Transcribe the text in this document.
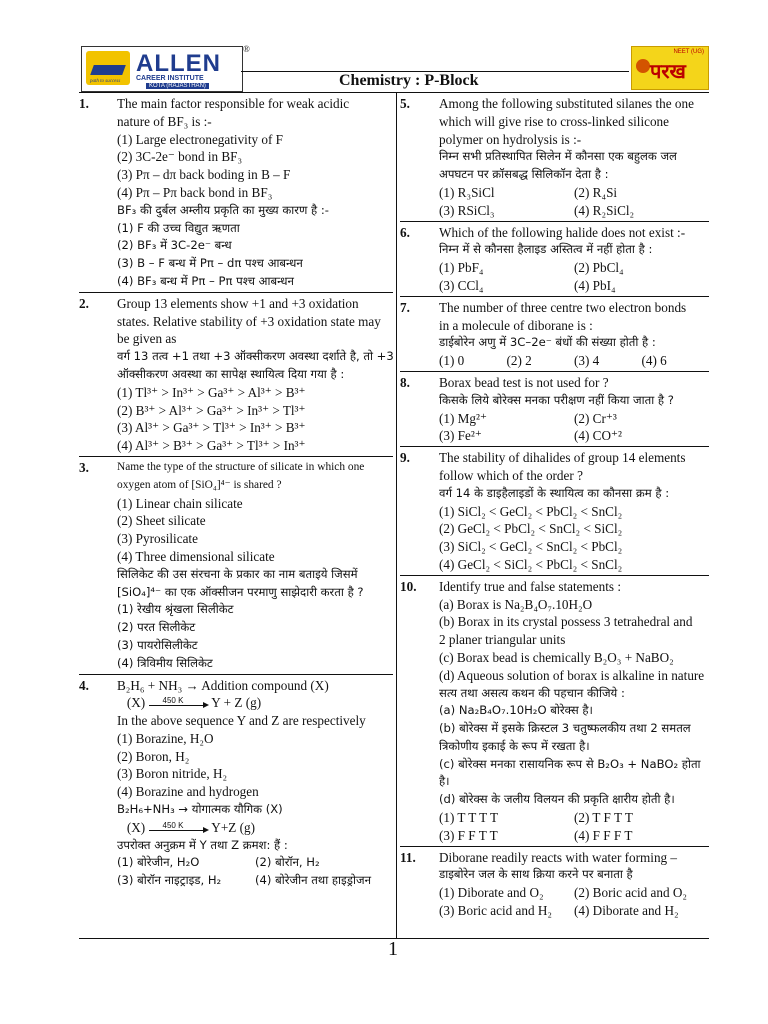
path to success
ALLEN
CAREER INSTITUTE
KOTA (RAJASTHAN)
®
Chemistry : P-Block
NEET (UG)
परख
1. The main factor responsible for weak acidic
nature of BF₃ is :-
(1) Large electronegativity of F
(2) 3C-2e⁻ bond in BF₃
(3) Pπ – dπ back boding in B – F
(4) Pπ – Pπ back bond in BF₃
BF₃ की दुर्बल अम्लीय प्रकृति का मुख्य कारण है :-
(1) F की उच्च विद्युत ऋणता
(2) BF₃ में 3C-2e⁻ बन्ध
(3) B – F बन्ध में Pπ – dπ पश्च आबन्धन
(4) BF₃ बन्ध में Pπ – Pπ पश्च आबन्धन
2. Group 13 elements show +1 and +3 oxidation
states. Relative stability of +3 oxidation state may
be given as
वर्ग 13 तत्व +1 तथा +3 ऑक्सीकरण अवस्था दर्शाते है, तो +3
ऑक्सीकरण अवस्था का सापेक्ष स्थायित्व दिया गया है :
(1) Tl³⁺ > In³⁺ > Ga³⁺ > Al³⁺ > B³⁺
(2) B³⁺ > Al³⁺ > Ga³⁺ > In³⁺ > Tl³⁺
(3) Al³⁺ > Ga³⁺ > Tl³⁺ > In³⁺ > B³⁺
(4) Al³⁺ > B³⁺ > Ga³⁺ > Tl³⁺ > In³⁺
3. Name the type of the structure of silicate in which one
oxygen atom of [SiO₄]⁴⁻ is shared ?
(1) Linear chain silicate
(2) Sheet silicate
(3) Pyrosilicate
(4) Three dimensional silicate
सिलिकेट की उस संरचना के प्रकार का नाम बताइये जिसमें
[SiO₄]⁴⁻ का एक ऑक्सीजन परमाणु साझेदारी करता है ?
(1) रेखीय श्रृंखला सिलीकेट
(2) परत सिलीकेट
(3) पायरोसिलीकेट
(4) त्रिविमीय सिलिकेट
4. B₂H₆ + NH₃ → Addition compound (X)
(X) 450 K Y + Z (g)
In the above sequence Y and Z are respectively
(1) Borazine, H₂O
(2) Boron, H₂
(3) Boron nitride, H₂
(4) Borazine and hydrogen
B₂H₆+NH₃ → योगात्मक यौगिक (X)
(X) 450 K Y+Z (g)
उपरोक्त अनुक्रम में Y तथा Z क्रमश: हैं :
(1) बोरेजीन, H₂O	(2) बोरॉन, H₂
(3) बोरॉन नाइट्राइड, H₂	(4) बोरेजीन तथा हाइड्रोजन
5. Among the following substituted silanes the one
which will give rise to cross-linked silicone
polymer on hydrolysis is :-
निम्न सभी प्रतिस्थापित सिलेन में कौनसा एक बहुलक जल
अपघटन पर क्रॉसबद्ध सिलिकॉन देता है :
(1) R₃SiCl	(2) R₄Si
(3) RSiCl₃	(4) R₂SiCl₂
6. Which of the following halide does not exist :-
निम्न में से कौनसा हैलाइड अस्तित्व में नहीं होता है :
(1) PbF₄	(2) PbCl₄
(3) CCl₄	(4) PbI₄
7. The number of three centre two electron bonds
in a molecule of diborane is :
डाईबोरेन अणु में 3C–2e⁻ बंधों की संख्या होती है :
(1) 0	(2) 2	(3) 4	(4) 6
8. Borax bead test is not used for ?
किसके लिये बोरेक्स मनका परीक्षण नहीं किया जाता है ?
(1) Mg²⁺	(2) Cr⁺³
(3) Fe²⁺	(4) CO⁺²
9. The stability of dihalides of group 14 elements
follow which of the order ?
वर्ग 14 के डाइहैलाइडों के स्थायित्व का कौनसा क्रम है :
(1) SiCl₂ < GeCl₂ < PbCl₂ < SnCl₂
(2) GeCl₂ < PbCl₂ < SnCl₂ < SiCl₂
(3) SiCl₂ < GeCl₂ < SnCl₂ < PbCl₂
(4) GeCl₂ < SiCl₂ < PbCl₂ < SnCl₂
10. Identify true and false statements :
(a) Borax is Na₂B₄O₇.10H₂O
(b) Borax in its crystal possess 3 tetrahedral and
2 planer triangular units
(c) Borax bead is chemically B₂O₃ + NaBO₂
(d) Aqueous solution of borax is alkaline in nature
सत्य तथा असत्य कथन की पहचान कीजिये :
(a) Na₂B₄O₇.10H₂O बोरेक्स है।
(b) बोरेक्स में इसके क्रिस्टल 3 चतुष्फलकीय तथा 2 समतल
त्रिकोणीय इकाई के रूप में रखता है।
(c) बोरेक्स मनका रासायनिक रूप से B₂O₃ + NaBO₂ होता
है।
(d) बोरेक्स के जलीय विलयन की प्रकृति क्षारीय होती है।
(1) T T T T	(2) T F T T
(3) F F T T	(4) F F F T
11. Diborane readily reacts with water forming –
डाइबोरेन जल के साथ क्रिया करने पर बनाता है
(1) Diborate and O₂	(2) Boric acid and O₂
(3) Boric acid and H₂	(4) Diborate and H₂
1
